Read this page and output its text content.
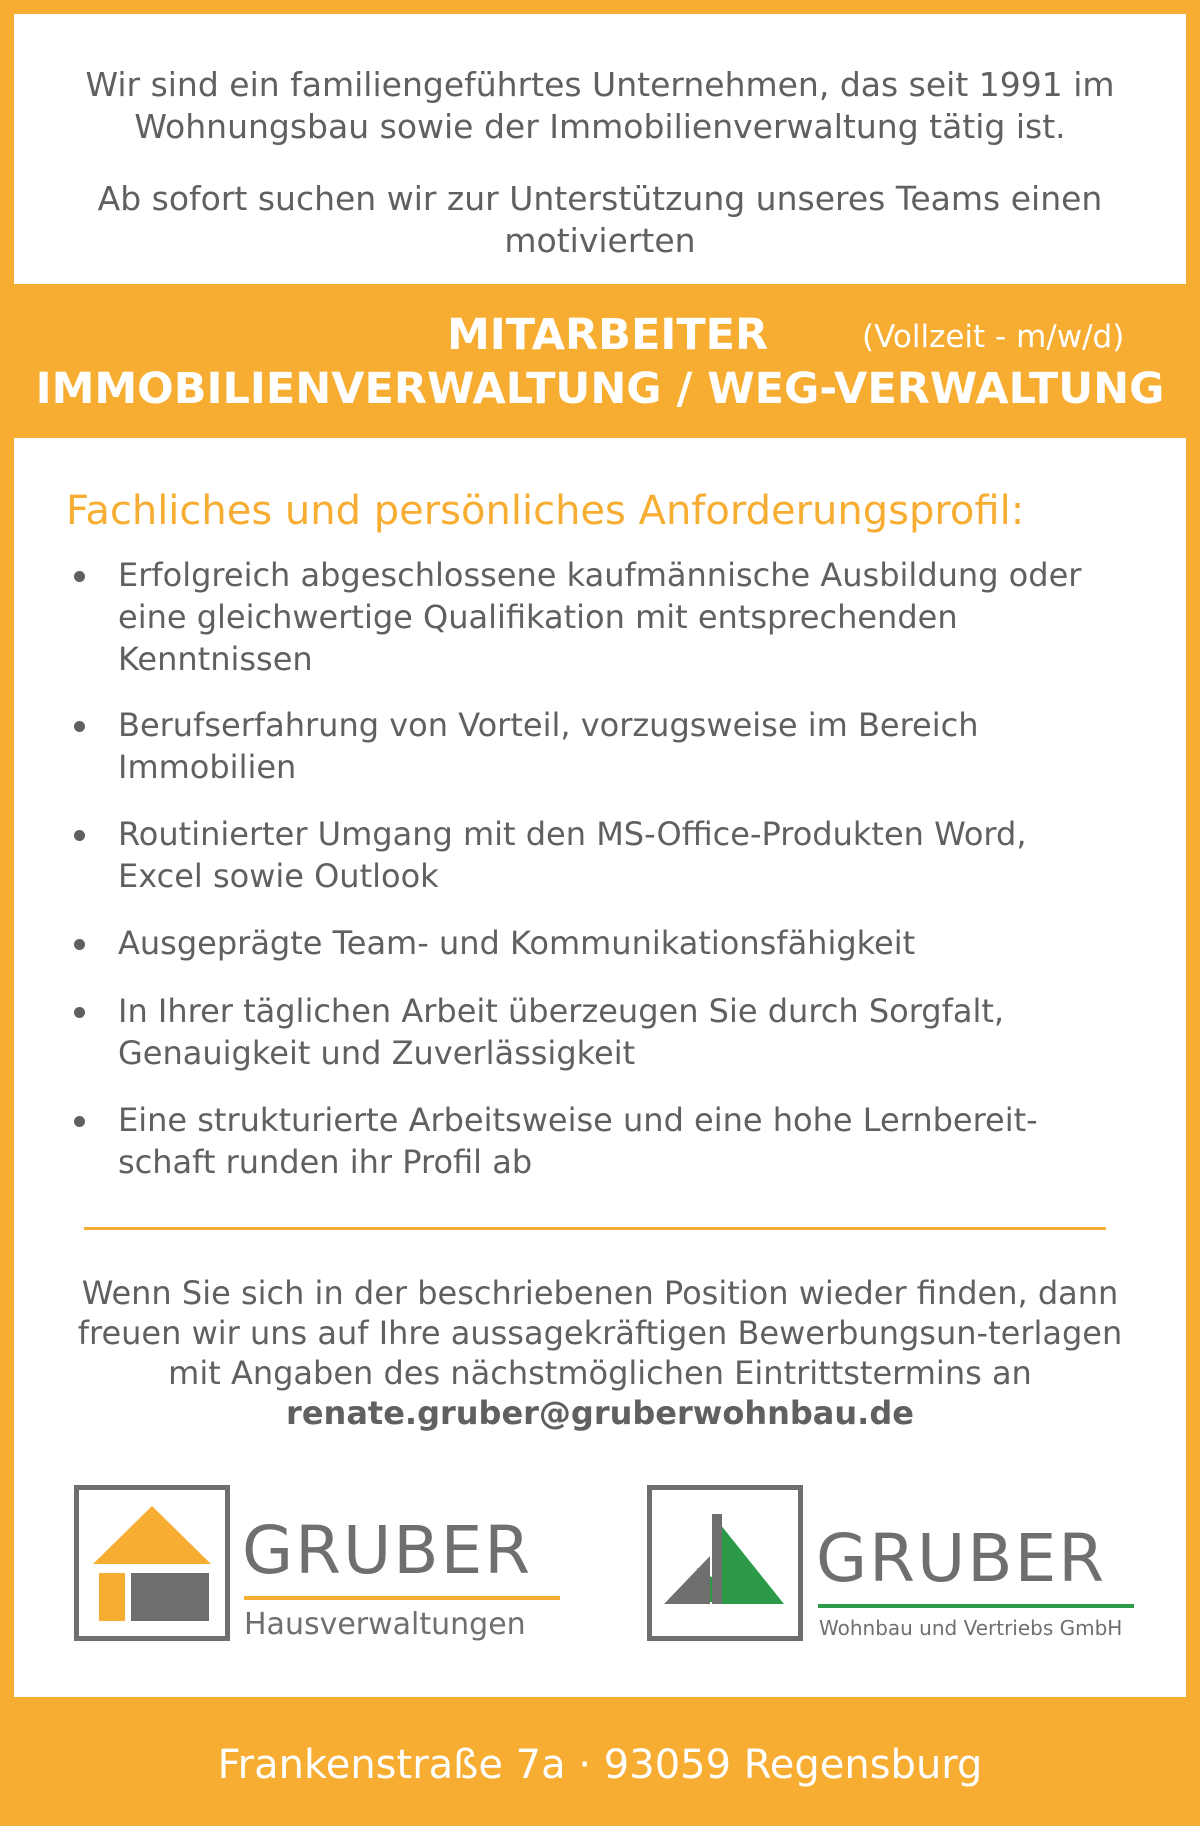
Wir sind ein familiengeführtes Unternehmen, das seit 1991 im Wohnungsbau sowie der Immobilienverwaltung tätig ist.
Ab sofort suchen wir zur Unterstützung unseres Teams einen motivierten
MITARBEITER	(Vollzeit - m/w/d)
IMMOBILIENVERWALTUNG / WEG-VERWALTUNG
Fachliches und persönliches Anforderungsprofil:
Erfolgreich abgeschlossene kaufmännische Ausbildung oder eine gleichwertige Qualifikation mit entsprechenden Kenntnissen
Berufserfahrung von Vorteil, vorzugsweise im Bereich Immobilien
Routinierter Umgang mit den MS-Office-Produkten Word, Excel sowie Outlook
Ausgeprägte Team- und Kommunikationsfähigkeit
In Ihrer täglichen Arbeit überzeugen Sie durch Sorgfalt, Genauigkeit und Zuverlässigkeit
Eine strukturierte Arbeitsweise und eine hohe Lernbereit-schaft runden ihr Profil ab
Wenn Sie sich in der beschriebenen Position wieder finden, dann freuen wir uns auf Ihre aussagekräftigen Bewerbungsun-terlagen mit Angaben des nächstmöglichen Eintrittstermins an
renate.gruber@gruberwohnbau.de
GRUBER
Hausverwaltungen
GRUBER
Wohnbau und Vertriebs GmbH
Frankenstraße 7a · 93059 Regensburg
